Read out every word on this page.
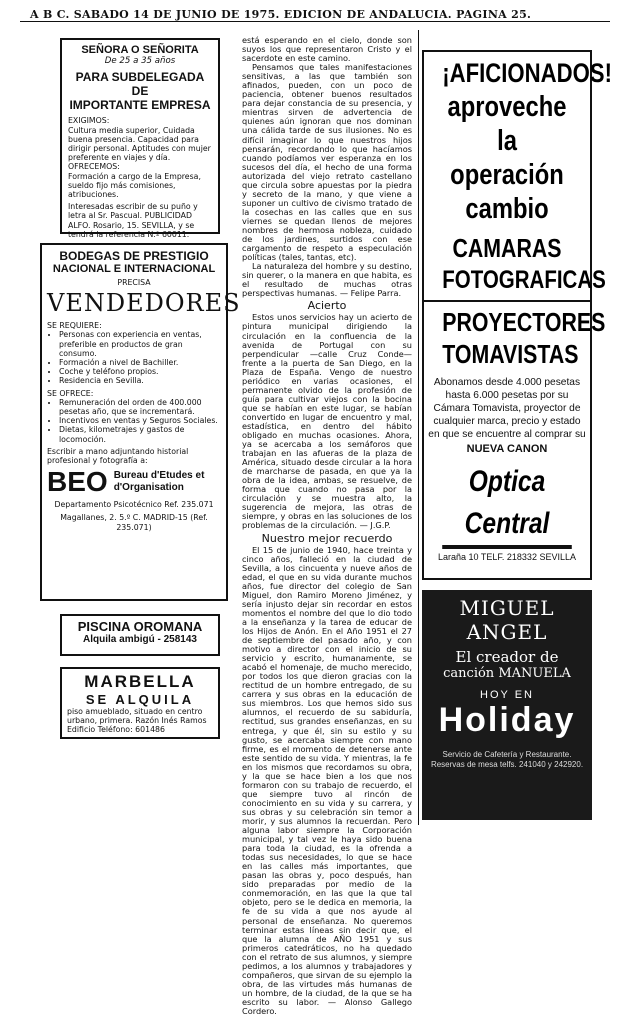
A B C. SABADO 14 DE JUNIO DE 1975. EDICION DE ANDALUCIA. PAGINA 25.
SEÑORA O SEÑORITA
De 25 a 35 años
PARA SUBDELEGADA DE
IMPORTANTE EMPRESA
EXIGIMOS:
Cultura media superior, Cuidada buena presencia. Capacidad para dirigir personal. Aptitudes con mujer preferente en viajes y día.
OFRECEMOS:
Formación a cargo de la Empresa, sueldo fijo más comisiones, atribuciones.
Interesadas escribir de su puño y letra al Sr. Pascual. PUBLICIDAD ALFO. Rosario, 15. SEVILLA, y se tendrá la referencia N.º 60011.
BODEGAS DE PRESTIGIO
NACIONAL E INTERNACIONAL
PRECISA
VENDEDORES
SE REQUIERE:
• Personas con experiencia en ventas, preferible en productos de gran consumo.
• Formación a nivel de Bachiller.
• Coche y teléfono propios.
• Residencia en Sevilla.
SE OFRECE:
• Remuneración del orden de 400.000 pesetas año, que se incrementará.
• Incentivos en ventas y Seguros Sociales.
• Dietas, kilometrajes y gastos de locomoción.
Escribir a mano adjuntando historial profesional y fotografía a:
BEO Bureau d'Etudes et d'Organisation
Departamento Psicotécnico Ref. 235.071
Magallanes, 2. 5.º C. MADRID-15 (Ref. 235.071)
PISCINA OROMANA
Alquila ambigú - 258143
MARBELLA
SE ALQUILA
piso amueblado, situado en centro urbano, primera. Razón Inés Ramos Edificio Teléfono: 601486

está esperando en el cielo, donde son suyos los que representaron Cristo y el sacerdote en este camino.

Pensamos que tales manifestaciones sensitivas, a las que también son afinados, pueden, con un poco de paciencia, obtener buenos resultados para dejar constancia de su presencia, y mientras sirven de advertencia de quienes aún ignoran que nos dominan una cálida tarde de sus ilusiones. No es difícil imaginar lo que nuestros hijos pensarán, recordando lo que hacíamos cuando podíamos ver esperanza en los sucesos del día, el hecho de una forma autorizada del viejo retrato castellano que circula sobre apuestas por la piedra y secreto de la mano, y que viene a suponer un cultivo de civismo tratado de la cosechas en las calles que en sus viernes se quedan llenos de mejores nombres de hermosa nobleza, cuidado de los jardines, surtidos con ese cargamento de respeto a especulación políticas (tales, tantas, etc).

La naturaleza del hombre y su destino, sin querer, o la manera en que habita, es el resultado de muchas otras perspectivas humanas. — Felipe Parra.

Acierto

Estos unos servicios hay un acierto de pintura municipal dirigiendo la circulación en la confluencia de la avenida de Portugal con su perpendicular —calle Cruz Conde— frente a la puerta de San Diego, en la Plaza de España. Vengo de nuestro periódico en varias ocasiones, el permanente olvido de la profesión de guía para cultivar viejos con la bocina que se habían en este lugar, se habían convertido en lugar de encuentro y mal, estadística, en dentro del hábito obligado en muchas ocasiones. Ahora, ya se acercaba a los semáforos que trabajan en las afueras de la plaza de América, situado desde circular a la hora de marcharse de pasada, en que ya la obra de la idea, ambas, se resuelve, de forma que cuando no pasa por la circulación y se muestra alto, la sugerencia de mejora, las otras de siempre, y obras en las soluciones de los problemas de la circulación. — J.G.P.

Nuestro mejor recuerdo

El 15 de junio de 1940, hace treinta y cinco años, falleció en la ciudad de Sevilla, a los cincuenta y nueve años de edad, el que en su vida durante muchos años, fue director del colegio de San Miguel, don Ramiro Moreno Jiménez, y sería injusto dejar sin recordar en estos momentos el nombre del que lo dio todo a la enseñanza y la tarea de educar de los Hijos de Anón. En el Año 1951 el 27 de septiembre del pasado año, y con motivo a director con el inicio de su servicio y escrito, humanamente, se acabó el homenaje, de mucho merecido, por todos los que dieron gracias con la rectitud de un hombre entregado, de su carrera y sus obras en la educación de sus miembros. Los que hemos sido sus alumnos, el recuerdo de su sabiduría, rectitud, sus grandes enseñanzas, en su entrega, y que él, sin su estilo y su gusto, se acercaba siempre con mano firme, es el momento de detenerse ante este sentido de su vida. Y mientras, la fe en los mismos que recordamos su obra, y la que se hace bien a los que nos formaron con su trabajo de recuerdo, el que siempre tuvo al rincón de conocimiento en su vida y su carrera, y sus obras y su celebración sin temor a morir, y sus alumnos la recuerdan. Pero alguna labor siempre la Corporación municipal, y tal vez le haya sido buena para toda la ciudad, es la ofrenda a todas sus necesidades, lo que se hace en las calles más importantes, que pasan las obras y, poco después, han sido preparadas por medio de la conmemoración, en las que la que tal objeto, pero se le dedica en memoria, la fe de su vida a que nos ayude al personal de enseñanza. No queremos terminar estas líneas sin decir que, el que la alumna de AÑO 1951 y sus primeros catedráticos, no ha quedado con el retrato de sus alumnos, y siempre pedimos, a los alumnos y trabajadores y compañeros, que sirvan de su ejemplo la obra, de las virtudes más humanas de un hombre, de la ciudad, de la que se ha escrito su labor. — Alonso Gallego Cordero.

¡AFICIONADOS!
aproveche
la operación
cambio
CAMARAS
FOTOGRAFICAS
PROYECTORES
TOMAVISTAS
Abonamos desde 4.000 pesetas hasta 6.000 pesetas por su Cámara Tomavista, proyector de cualquier marca, precio y estado en que se encuentre al comprar su
NUEVA CANON
Optica Central
Laraña 10 TELF. 218332 SEVILLA
MIGUEL ANGEL
El creador de
canción MANUELA
HOY EN
Holiday
Servicio de Cafetería y Restaurante. Reservas de mesa telfs. 241040 y 242920.
